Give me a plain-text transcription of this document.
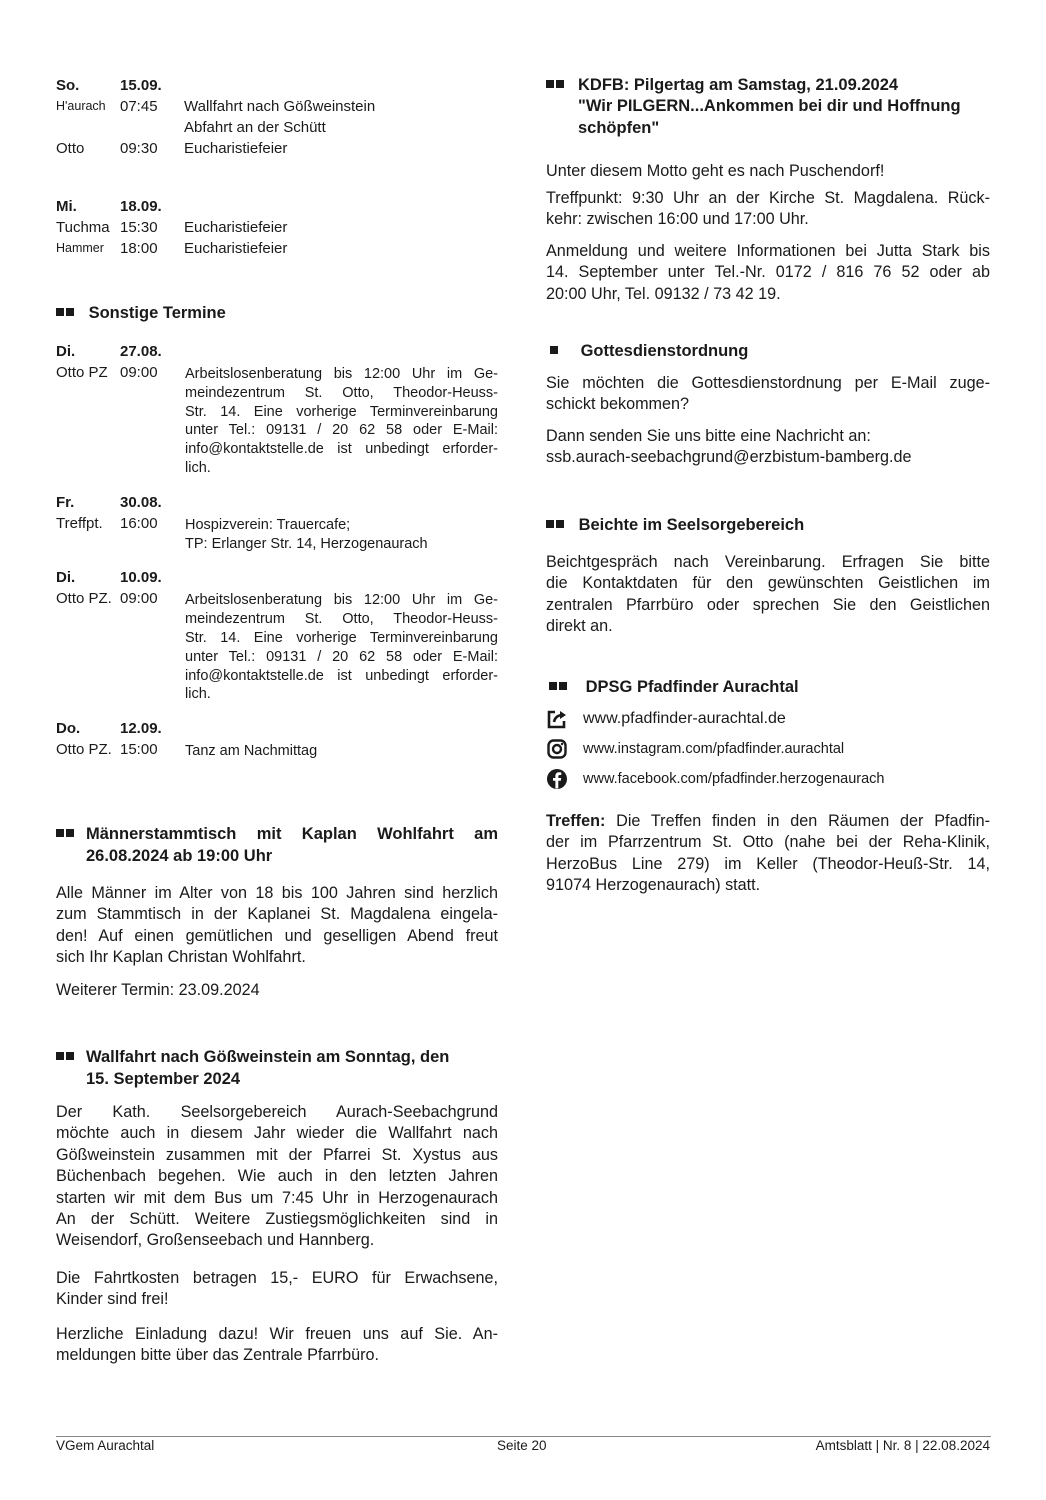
So.	15.09.
H'aurach 07:45 Wallfahrt nach Gößweinstein
Abfahrt an der Schütt
Otto 09:30 Eucharistiefeier
Mi.	18.09.
Tuchma 15:30 Eucharistiefeier
Hammer 18:00 Eucharistiefeier
Sonstige Termine
Di.	27.08.
Otto PZ 09:00 Arbeitslosenberatung bis 12:00 Uhr im Ge-
meindezentrum St. Otto, Theodor-Heuss-
Str. 14. Eine vorherige Terminvereinbarung
unter Tel.: 09131 / 20 62 58 oder E-Mail:
info@kontaktstelle.de ist unbedingt erforder-
lich.
Fr.	30.08.
Treffpt. 16:00 Hospizverein: Trauercafe;
TP: Erlanger Str. 14, Herzogenaurach
Di.	10.09.
Otto PZ. 09:00 Arbeitslosenberatung bis 12:00 Uhr im Ge-
meindezentrum St. Otto, Theodor-Heuss-
Str. 14. Eine vorherige Terminvereinbarung
unter Tel.: 09131 / 20 62 58 oder E-Mail:
info@kontaktstelle.de ist unbedingt erforder-
lich.
Do.	12.09.
Otto PZ. 15:00 Tanz am Nachmittag
Männerstammtisch mit Kaplan Wohlfahrt am
26.08.2024 ab 19:00 Uhr
Alle Männer im Alter von 18 bis 100 Jahren sind herzlich
zum Stammtisch in der Kaplanei St. Magdalena eingela-
den! Auf einen gemütlichen und geselligen Abend freut
sich Ihr Kaplan Christan Wohlfahrt.
Weiterer Termin: 23.09.2024
Wallfahrt nach Gößweinstein am Sonntag, den
15. September 2024
Der Kath. Seelsorgebereich Aurach-Seebachgrund
möchte auch in diesem Jahr wieder die Wallfahrt nach
Gößweinstein zusammen mit der Pfarrei St. Xystus aus
Büchenbach begehen. Wie auch in den letzten Jahren
starten wir mit dem Bus um 7:45 Uhr in Herzogenaurach
An der Schütt. Weitere Zustiegsmöglichkeiten sind in
Weisendorf, Großenseebach und Hannberg.
Die Fahrtkosten betragen 15,- EURO für Erwachsene,
Kinder sind frei!
Herzliche Einladung dazu! Wir freuen uns auf Sie. An-
meldungen bitte über das Zentrale Pfarrbüro.
KDFB: Pilgertag am Samstag, 21.09.2024
"Wir PILGERN...Ankommen bei dir und Hoffnung
schöpfen"
Unter diesem Motto geht es nach Puschendorf!
Treffpunkt: 9:30 Uhr an der Kirche St. Magdalena. Rück-
kehr: zwischen 16:00 und 17:00 Uhr.
Anmeldung und weitere Informationen bei Jutta Stark bis
14. September unter Tel.-Nr. 0172 / 816 76 52 oder ab
20:00 Uhr, Tel. 09132 / 73 42 19.
Gottesdienstordnung
Sie möchten die Gottesdienstordnung per E-Mail zuge-
schickt bekommen?
Dann senden Sie uns bitte eine Nachricht an:
ssb.aurach-seebachgrund@erzbistum-bamberg.de
Beichte im Seelsorgebereich
Beichtgespräch nach Vereinbarung. Erfragen Sie bitte
die Kontaktdaten für den gewünschten Geistlichen im
zentralen Pfarrbüro oder sprechen Sie den Geistlichen
direkt an.
DPSG Pfadfinder Aurachtal
www.pfadfinder-aurachtal.de
www.instagram.com/pfadfinder.aurachtal
www.facebook.com/pfadfinder.herzogenaurach
Treffen: Die Treffen finden in den Räumen der Pfadfin-
der im Pfarrzentrum St. Otto (nahe bei der Reha-Klinik,
HerzoBus Line 279) im Keller (Theodor-Heuß-Str. 14,
91074 Herzogenaurach) statt.
VGem Aurachtal	Seite 20	Amtsblatt | Nr. 8 | 22.08.2024
